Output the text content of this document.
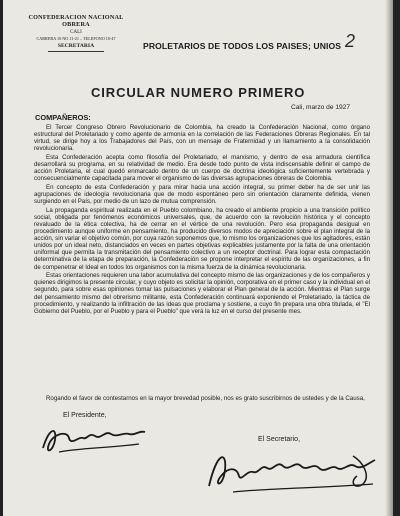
CONFEDERACION NACIONAL OBRERA
CALI
CARRERA 10 NO 11-21 – TELEFONO 10-47
SECRETARIA	PROLETARIOS DE TODOS LOS PAISES; UNIOS 2
CIRCULAR NUMERO PRIMERO
Cali, marzo de 1927
COMPAÑEROS:

El Tercer Congreso Obrero Revolucionario de Colombia, ha creado la Confederación Nacional, como órgano estructural del Proletariado y como agente de armonía en la correlación de las Federaciones Obreras Regionales. En tal virtud, se dirige hoy a los Trabajadores del País, con un mensaje de Fraternidad y un llamamiento a la consolidación revolucionaria.

Esta Confederación acepta como filosofía del Proletariado, el marxismo, y dentro de esa armadura científica desarrollará su programa, en su relatividad de medio. Era desde todo punto de vista indiscensable definir el campo de acción Proletaria, el cual quedó enmarcado dentro de un cuerpo de doctrina ideológica suficientemente vertebrada y consecuencialmente capacitada para mover el organismo de las diversas agrupaciones obreras de Colombia.

En concepto de esta Confederación y para mirar hacia una acción integral, su primer deber ha de ser unir las agrupaciones de ideología revolucionaria que de modo espontáneo pero sin orientación claramente definida, vienen surgiendo en el País, por medio de un lazo de mutua comprensión.

La propaganda espiritual realizada en el Pueblo colombiano, ha creado el ambiente propicio a una transición político social, obligada por fenómenos económicos universales, que, de acuerdo con la revolución histórica y el concepto revaluado de la ética colectiva, ha de cerrar en el vértice de una revolución. Pero esa propaganda desigual en procedimiento aunque uniforme en pensamiento, ha producido diversos modos de apreciación sobre el plan integral de la acción, sin variar el objetivo común, por cuya razón suponemos que, lo mismo los organizaciones que los agitadores, están unidos por un ideal neto, distanciados en veces en partes objetivas explicables justamente por la falta de una orientación uniformal que permita la transmitación del pensamiento colectivo a un receptor doctrinal. Para lograr esta compactación determinativa de la etapa de preparación, la Confederación se propone interpretar el espíritu de las organizaciones, a fin de compenetrar el Ideal en todos los organismos con la misma fuerza de la dinámica revolucionaria.

Estas orientaciones requieren una labor acumulativa del concepto mismo de las organizaciones y de los compañeros y quienes dirigimos la presente circular, y cuyo objeto es solicitar la opinión, corporativa en el primer caso y la individual en el segundo, para sobre esas opiniones tomar las pulsaciones y elaborar el Plan general de la acción. Mientras el Plan surge del pensamiento mismo del obrerismo militante, esta Confederación continuará exponiendo el Proletariado, la táctica de procedimiento, y realizando la infiltración de las ideas que proclama y sostiene, a cuyo fin prepara una obra titulada, el "El Gobierno del Pueblo, por el Pueblo y para el Pueblo" que verá la luz en el curso del presente mes.

Rogando el favor de contestarnos en la mayor brevedad posible, nos es grato suscribirnos de ustedes y de la Causa,
El Presidente,
El Secretario,
